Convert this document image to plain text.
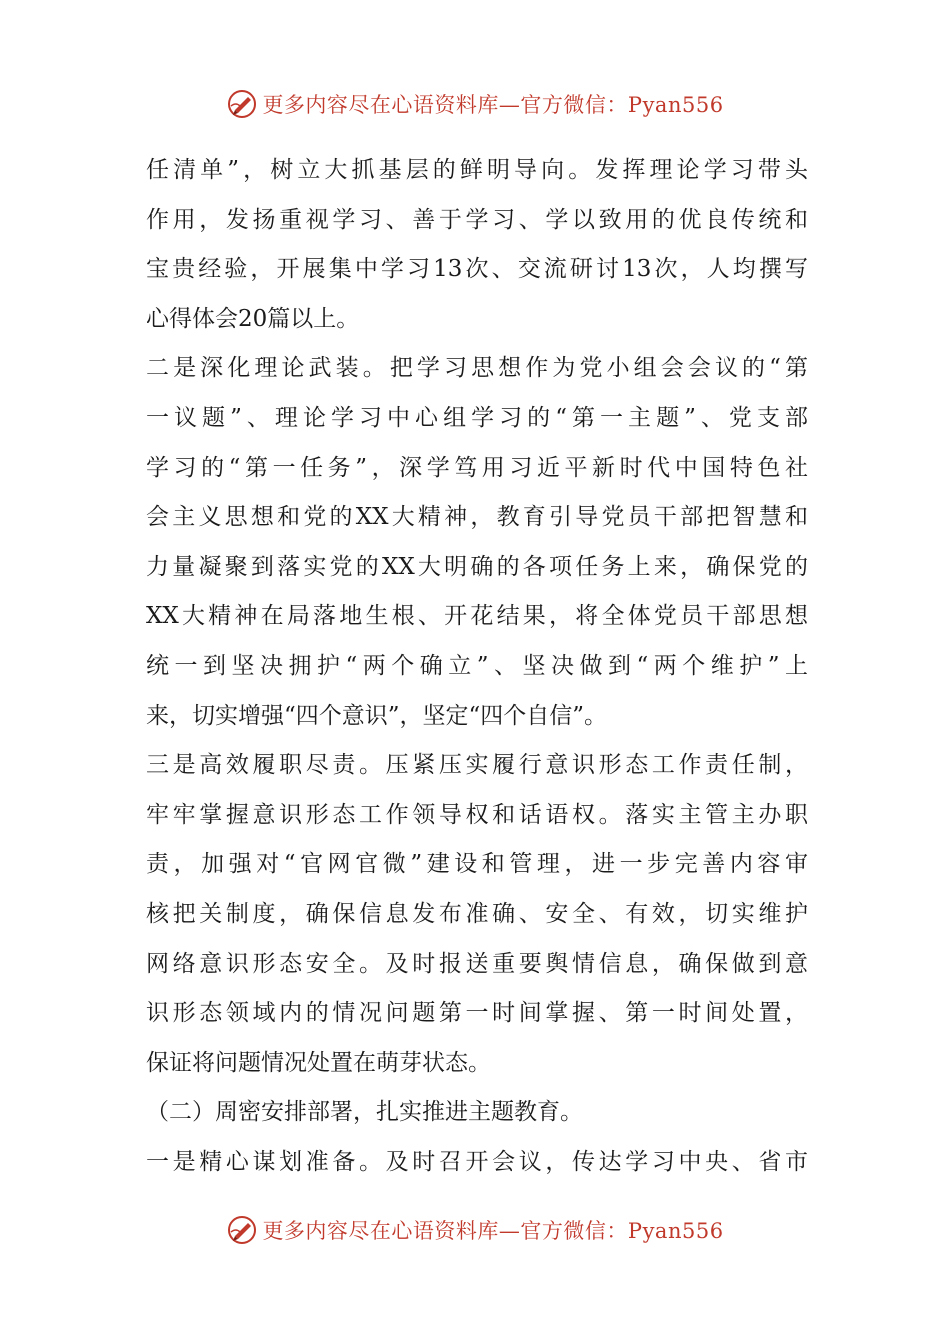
更多内容尽在心语资料库—官方微信：Pyan556
任清单”，树立大抓基层的鲜明导向。发挥理论学习带头
作用，发扬重视学习、善于学习、学以致用的优良传统和
宝贵经验，开展集中学习13次、交流研讨13次，人均撰写
心得体会20篇以上。
二是深化理论武装。把学习思想作为党小组会会议的“第
一议题”、理论学习中心组学习的“第一主题”、党支部
学习的“第一任务”，深学笃用习近平新时代中国特色社
会主义思想和党的XX大精神，教育引导党员干部把智慧和
力量凝聚到落实党的XX大明确的各项任务上来，确保党的
XX大精神在局落地生根、开花结果，将全体党员干部思想
统一到坚决拥护“两个确立”、坚决做到“两个维护”上
来，切实增强“四个意识”，坚定“四个自信”。
三是高效履职尽责。压紧压实履行意识形态工作责任制，
牢牢掌握意识形态工作领导权和话语权。落实主管主办职
责，加强对“官网官微”建设和管理，进一步完善内容审
核把关制度，确保信息发布准确、安全、有效，切实维护
网络意识形态安全。及时报送重要舆情信息，确保做到意
识形态领域内的情况问题第一时间掌握、第一时间处置，
保证将问题情况处置在萌芽状态。
（二）周密安排部署，扎实推进主题教育。
一是精心谋划准备。及时召开会议，传达学习中央、省市
更多内容尽在心语资料库—官方微信：Pyan556
